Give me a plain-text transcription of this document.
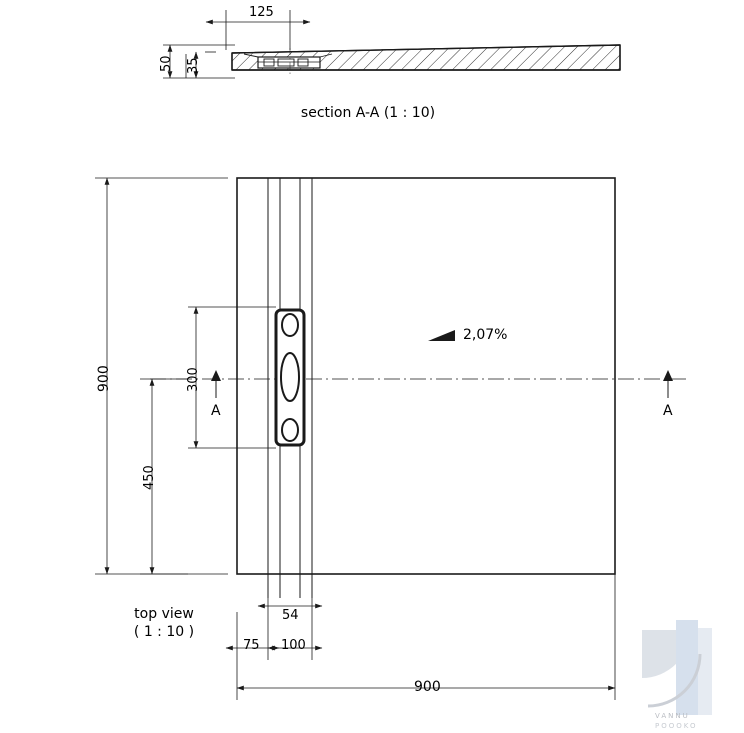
125
50 35
section A-A (1 : 10)
900	300
450
2,07%
A	A
54
75 100
900
top view
( 1 : 10 )
VANNU
POOOKO
